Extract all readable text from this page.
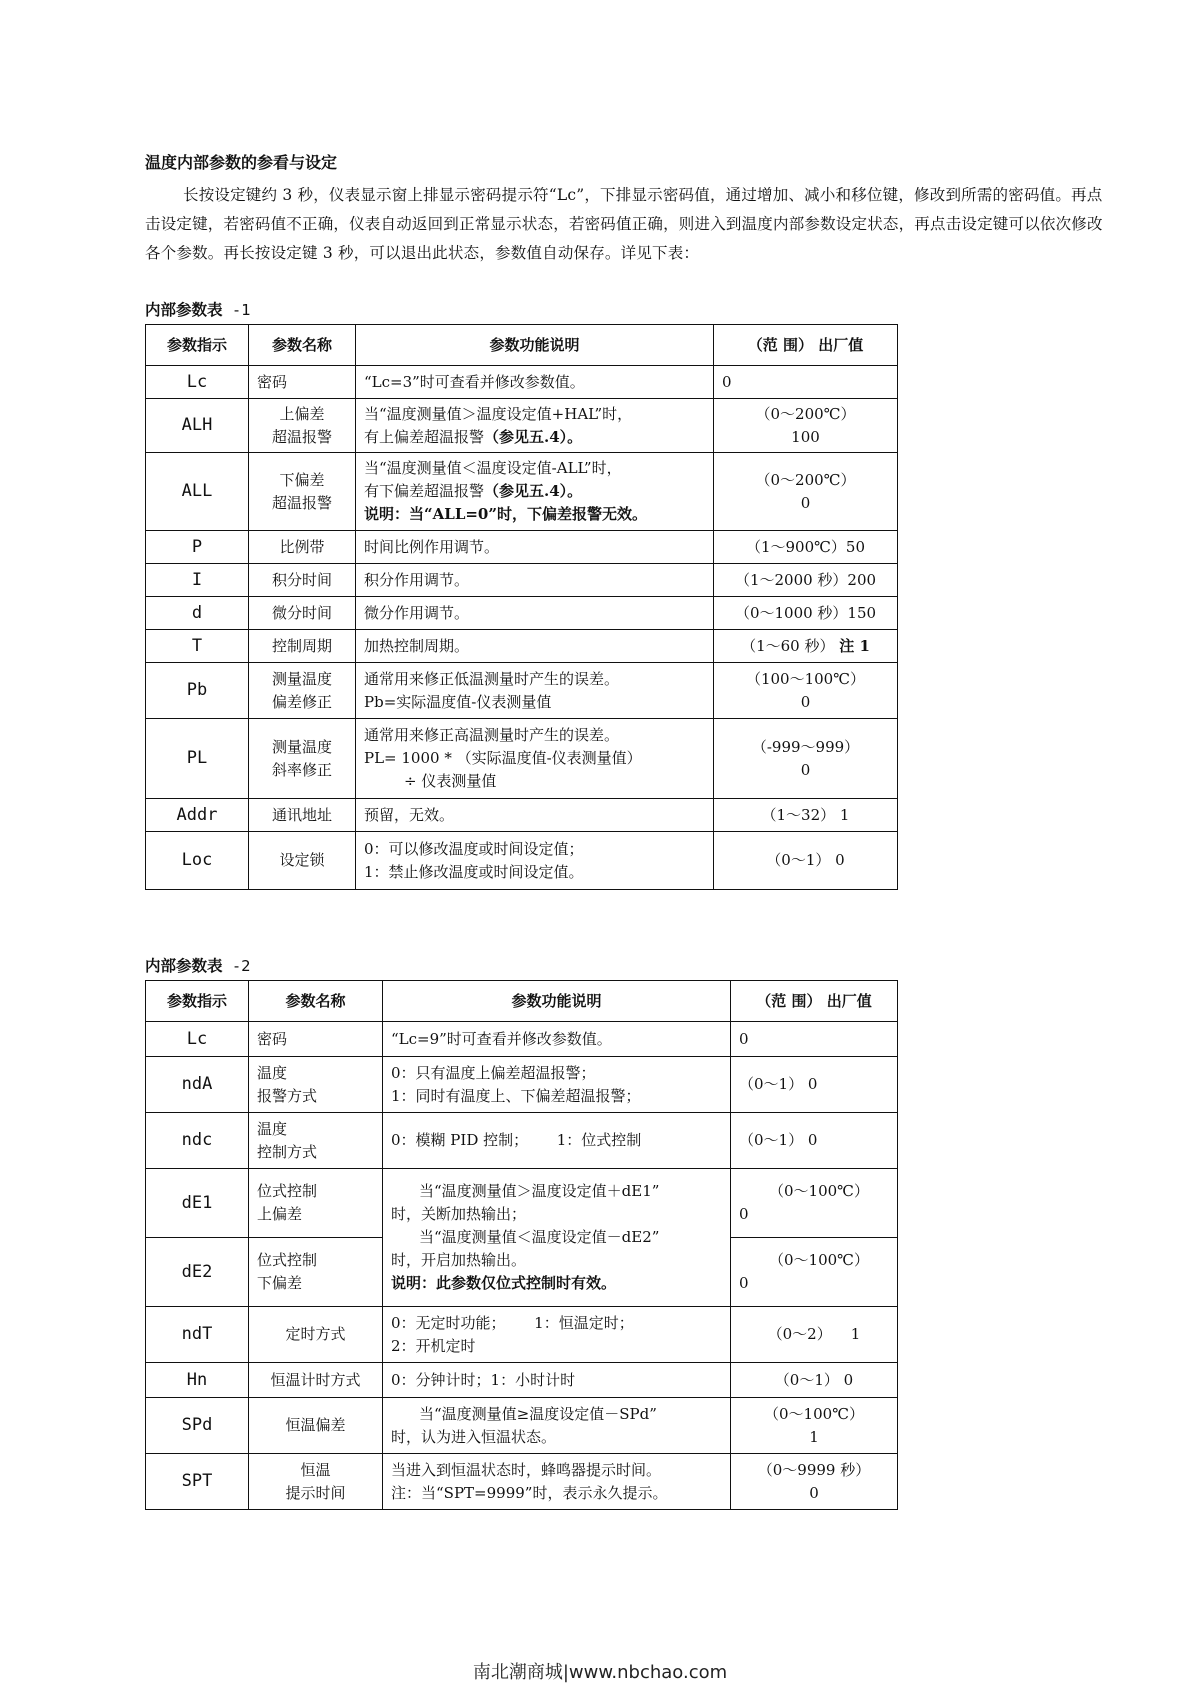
温度内部参数的参看与设定

长按设定键约 3 秒，仪表显示窗上排显示密码提示符“Lc”，下排显示密码值，通过增加、减小和移位键，修改到所需的密码值。再点击设定键，若密码值不正确，仪表自动返回到正常显示状态，若密码值正确，则进入到温度内部参数设定状态，再点击设定键可以依次修改各个参数。再长按设定键 3 秒，可以退出此状态，参数值自动保存。详见下表：

内部参数表 -1

参数指示	参数名称	参数功能说明	（范 围） 出厂值
Lc	密码	“Lc=3”时可查看并修改参数值。	0

ALH	上偏差
超温报警	当“温度测量值＞温度设定值+HAL”时，
有上偏差超温报警（参见五.4）。	（0～200℃）
100

ALL	下偏差
超温报警	当“温度测量值＜温度设定值-ALL”时，
有下偏差超温报警（参见五.4）。
说明：当“ALL=0”时，下偏差报警无效。	（0～200℃）
0

P	比例带	时间比例作用调节。	（1～900℃）50

I	积分时间	积分作用调节。	（1～2000 秒）200

d	微分时间	微分作用调节。	（0～1000 秒）150

T	控制周期	加热控制周期。	（1～60 秒） 注 1
Pb	测量温度
偏差修正	通常用来修正低温测量时产生的误差。
Pb=实际温度值-仪表测量值	（100～100℃）
0

PL	测量温度
斜率修正	通常用来修正高温测量时产生的误差。
PL= 1000 * （实际温度值-仪表测量值）
÷ 仪表测量值	（-999～999）
0

Addr	通讯地址	预留，无效。	（1～32） 1

Loc	设定锁	0：可以修改温度或时间设定值；
1：禁止修改温度或时间设定值。	（0～1） 0

内部参数表 -2

参数指示	参数名称	参数功能说明	（范 围） 出厂值
Lc	密码	“Lc=9”时可查看并修改参数值。	0

ndA	温度
报警方式	0：只有温度上偏差超温报警；
1：同时有温度上、下偏差超温报警；	（0～1） 0

ndc	温度
控制方式	0：模糊 PID 控制；      1：位式控制	（0～1） 0

dE1	位式控制
上偏差	当“温度测量值＞温度设定值＋dE1”
时，关断加热输出；
当“温度测量值＜温度设定值－dE2”
时，开启加热输出。
说明：此参数仅位式控制时有效。	（0～100℃）
0

dE2	位式控制
下偏差		（0～100℃）
0

ndT	定时方式	0：无定时功能；      1：恒温定时；
2：开机定时	（0～2）    1

Hn	恒温计时方式	0：分钟计时；1：小时计时	（0～1） 0

SPd	恒温偏差	当“温度测量值≥温度设定值－SPd”
时，认为进入恒温状态。	（0～100℃）
1

SPT	恒温
提示时间	当进入到恒温状态时，蜂鸣器提示时间。
注：当“SPT=9999”时，表示永久提示。	（0～9999 秒）
0
南北潮商城|www.nbchao.com
